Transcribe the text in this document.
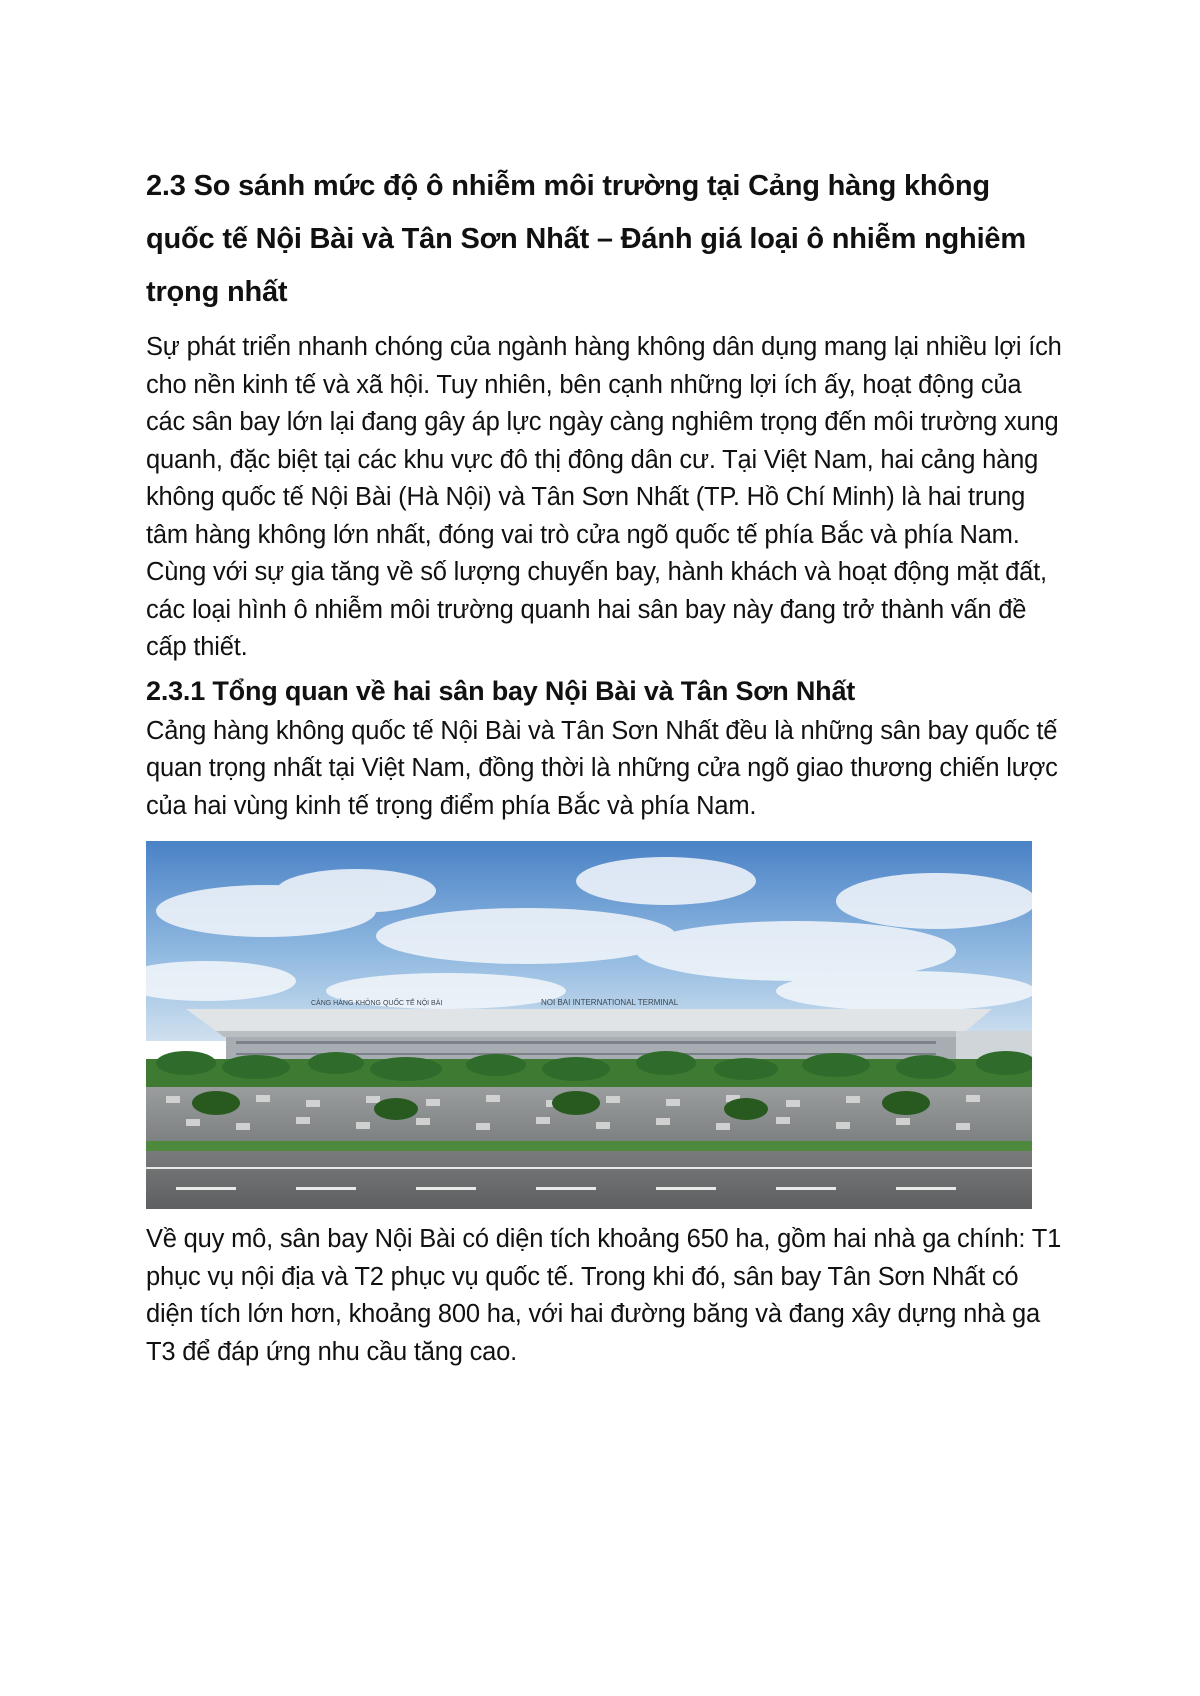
2.3 So sánh mức độ ô nhiễm môi trường tại Cảng hàng không quốc tế Nội Bài và Tân Sơn Nhất – Đánh giá loại ô nhiễm nghiêm trọng nhất

Sự phát triển nhanh chóng của ngành hàng không dân dụng mang lại nhiều lợi ích cho nền kinh tế và xã hội. Tuy nhiên, bên cạnh những lợi ích ấy, hoạt động của các sân bay lớn lại đang gây áp lực ngày càng nghiêm trọng đến môi trường xung quanh, đặc biệt tại các khu vực đô thị đông dân cư. Tại Việt Nam, hai cảng hàng không quốc tế Nội Bài (Hà Nội) và Tân Sơn Nhất (TP. Hồ Chí Minh) là hai trung tâm hàng không lớn nhất, đóng vai trò cửa ngõ quốc tế phía Bắc và phía Nam. Cùng với sự gia tăng về số lượng chuyến bay, hành khách và hoạt động mặt đất, các loại hình ô nhiễm môi trường quanh hai sân bay này đang trở thành vấn đề cấp thiết.

2.3.1 Tổng quan về hai sân bay Nội Bài và Tân Sơn Nhất

Cảng hàng không quốc tế Nội Bài và Tân Sơn Nhất đều là những sân bay quốc tế quan trọng nhất tại Việt Nam, đồng thời là những cửa ngõ giao thương chiến lược của hai vùng kinh tế trọng điểm phía Bắc và phía Nam.

CẢNG HÀNG KHÔNG QUỐC TẾ NỘI BÀI	NOI BAI INTERNATIONAL TERMINAL

Về quy mô, sân bay Nội Bài có diện tích khoảng 650 ha, gồm hai nhà ga chính: T1 phục vụ nội địa và T2 phục vụ quốc tế. Trong khi đó, sân bay Tân Sơn Nhất có diện tích lớn hơn, khoảng 800 ha, với hai đường băng và đang xây dựng nhà ga T3 để đáp ứng nhu cầu tăng cao.
